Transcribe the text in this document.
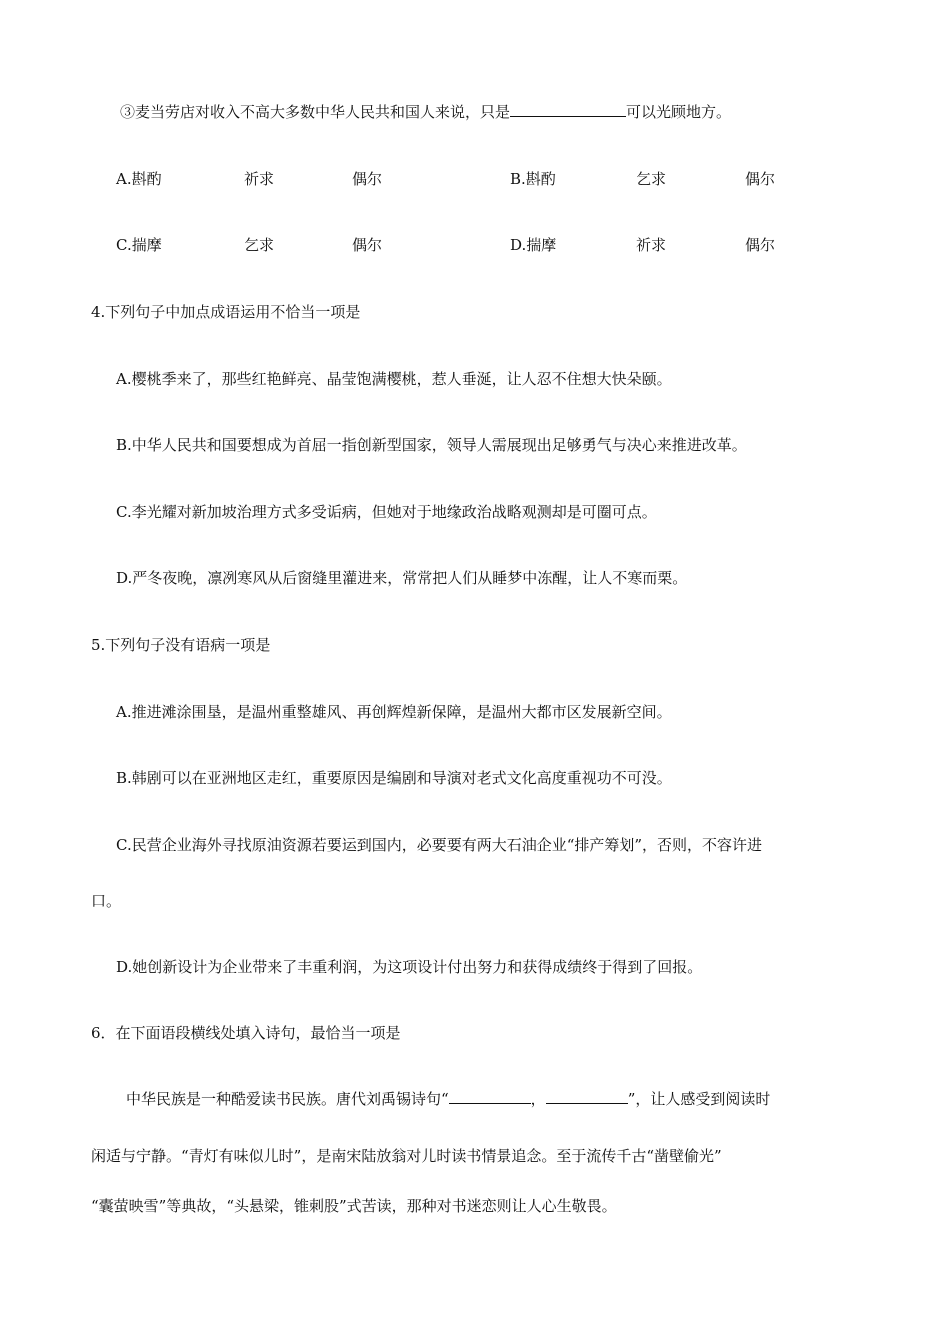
③麦当劳店对收入不高大多数中华人民共和国人来说，只是	可以光顾地方。
A.斟酌	祈求	偶尔	B.斟酌	乞求	偶尔
C.揣摩	乞求	偶尔	D.揣摩	祈求	偶尔
4.下列句子中加点成语运用不恰当一项是
A.樱桃季来了，那些红艳鲜亮、晶莹饱满樱桃，惹人垂涎，让人忍不住想大快朵颐。
B.中华人民共和国要想成为首屈一指创新型国家，领导人需展现出足够勇气与决心来推进改革。
C.李光耀对新加坡治理方式多受诟病，但她对于地缘政治战略观测却是可圈可点。
D.严冬夜晚，凛冽寒风从后窗缝里灌进来，常常把人们从睡梦中冻醒，让人不寒而栗。
5.下列句子没有语病一项是
A.推进滩涂围垦，是温州重整雄风、再创辉煌新保障，是温州大都市区发展新空间。
B.韩剧可以在亚洲地区走红，重要原因是编剧和导演对老式文化高度重视功不可没。
C.民营企业海外寻找原油资源若要运到国内，必要要有两大石油企业“排产筹划”，否则，不容许进
口。
D.她创新设计为企业带来了丰重利润，为这项设计付出努力和获得成绩终于得到了回报。
6．在下面语段横线处填入诗句，最恰当一项是
中华民族是一种酷爱读书民族。唐代刘禹锡诗句“	，	”，让人感受到阅读时
闲适与宁静。“青灯有味似儿时”，是南宋陆放翁对儿时读书情景追念。至于流传千古“凿壁偷光”
“囊萤映雪”等典故，“头悬梁，锥刺股”式苦读，那种对书迷恋则让人心生敬畏。
